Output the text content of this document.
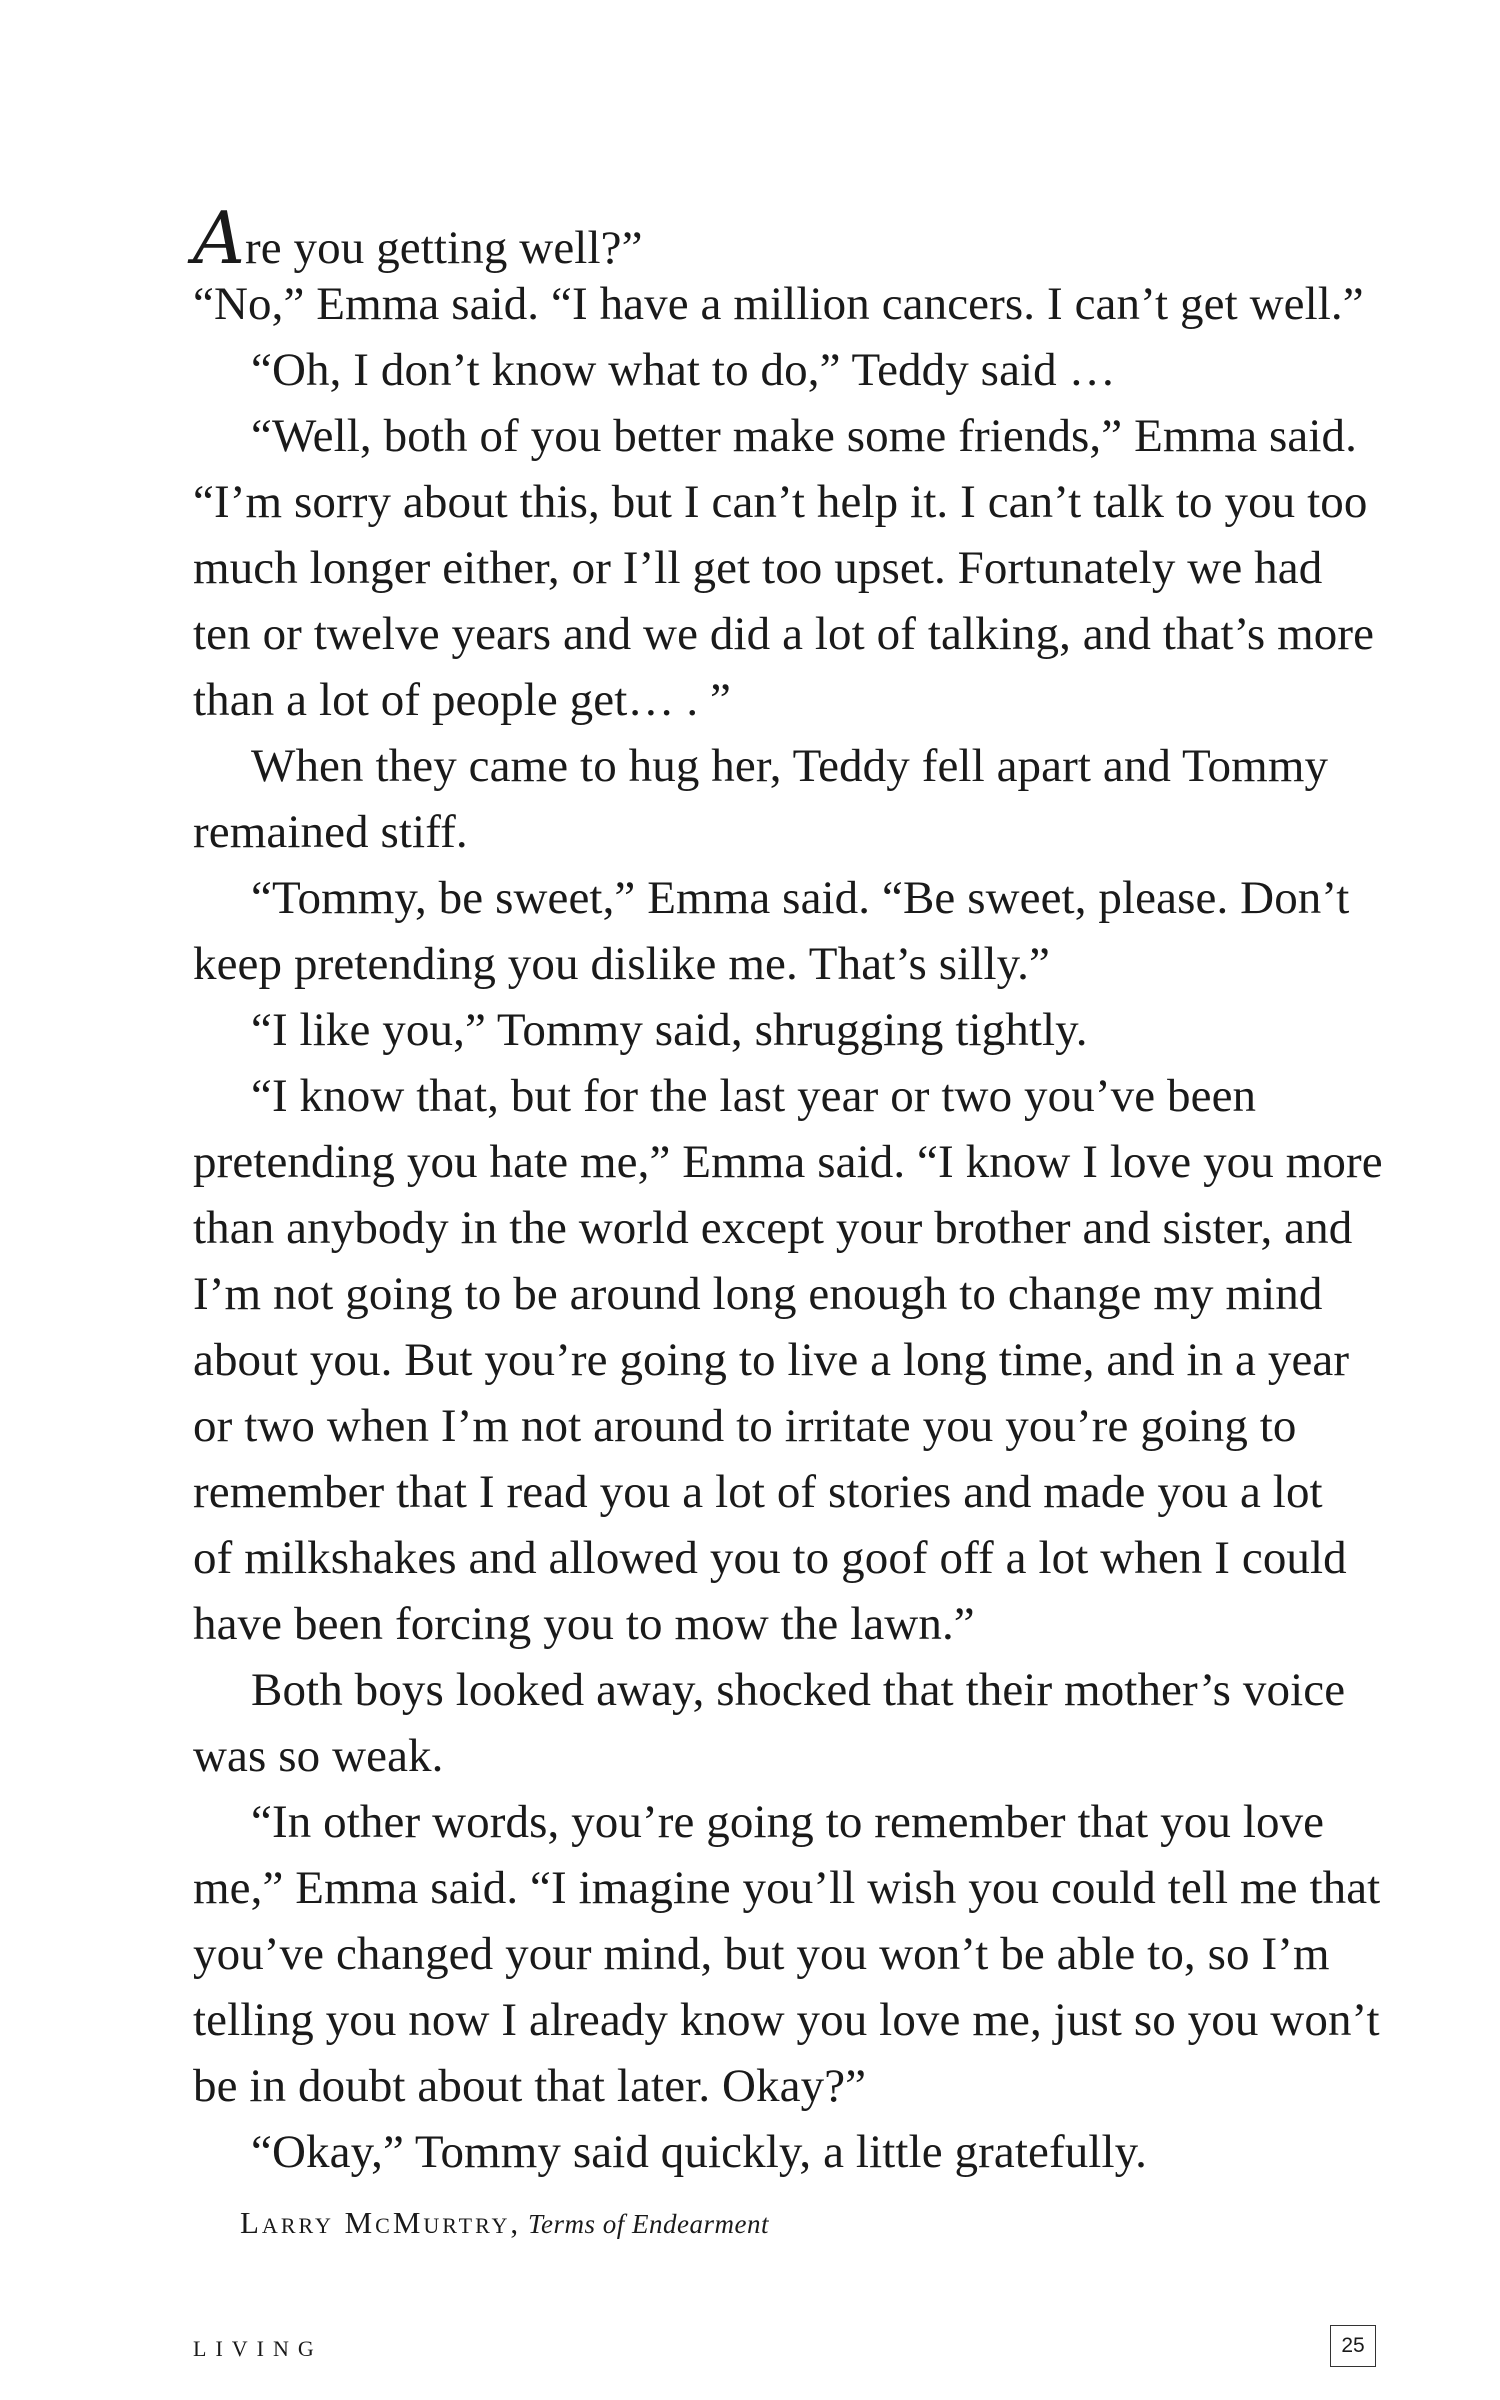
Are you getting well?”
“No,” Emma said. “I have a million cancers. I can’t get well.”
“Oh, I don’t know what to do,” Teddy said …
“Well, both of you better make some friends,” Emma said.
“I’m sorry about this, but I can’t help it. I can’t talk to you too
much longer either, or I’ll get too upset. Fortunately we had
ten or twelve years and we did a lot of talking, and that’s more
than a lot of people get… . ”
When they came to hug her, Teddy fell apart and Tommy
remained stiff.
“Tommy, be sweet,” Emma said. “Be sweet, please. Don’t
keep pretending you dislike me. That’s silly.”
“I like you,” Tommy said, shrugging tightly.
“I know that, but for the last year or two you’ve been
pretending you hate me,” Emma said. “I know I love you more
than anybody in the world except your brother and sister, and
I’m not going to be around long enough to change my mind
about you. But you’re going to live a long time, and in a year
or two when I’m not around to irritate you you’re going to
remember that I read you a lot of stories and made you a lot
of milkshakes and allowed you to goof off a lot when I could
have been forcing you to mow the lawn.”
Both boys looked away, shocked that their mother’s voice
was so weak.
“In other words, you’re going to remember that you love
me,” Emma said. “I imagine you’ll wish you could tell me that
you’ve changed your mind, but you won’t be able to, so I’m
telling you now I already know you love me, just so you won’t
be in doubt about that later. Okay?”
“Okay,” Tommy said quickly, a little gratefully.
Larry McMurtry, Terms of Endearment
LIVING	25
